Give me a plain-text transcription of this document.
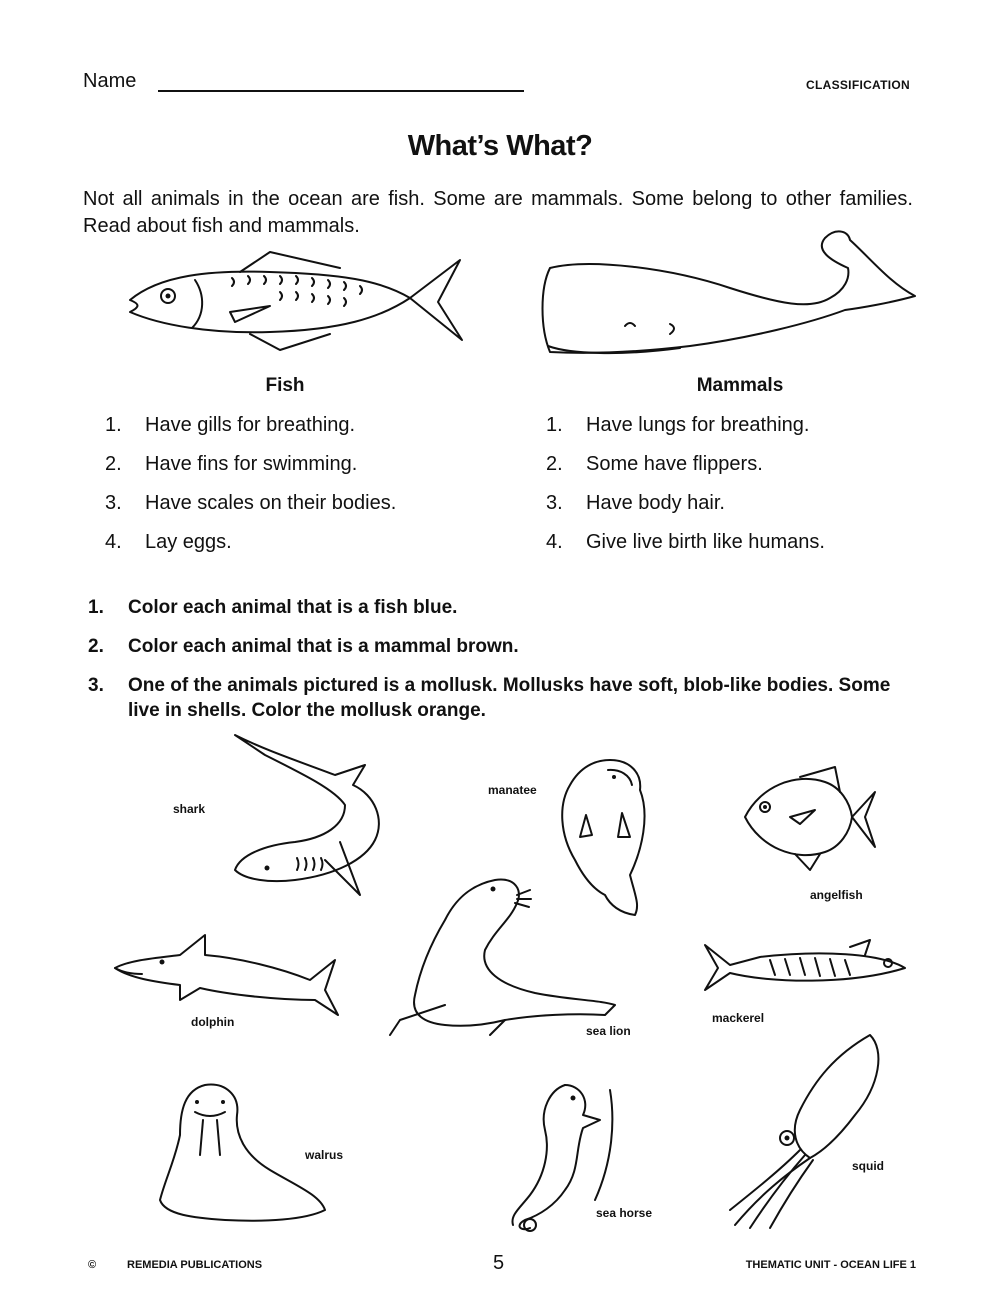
Name	CLASSIFICATION
What’s What?
Not all animals in the ocean are fish. Some are mammals. Some belong to other families. Read about fish and mammals.
Fish	Mammals
1. Have gills for breathing.
2. Have fins for swimming.
3. Have scales on their bodies.
4. Lay eggs.
1. Have lungs for breathing.
2. Some have flippers.
3. Have body hair.
4. Give live birth like humans.
1. Color each animal that is a fish blue.
2. Color each animal that is a mammal brown.
3. One of the animals pictured is a mollusk. Mollusks have soft, blob-like bodies. Some live in shells. Color the mollusk orange.
shark
manatee
angelfish
dolphin
sea lion
mackerel
walrus
sea horse
squid
©	REMEDIA PUBLICATIONS	5	THEMATIC UNIT - OCEAN LIFE 1
